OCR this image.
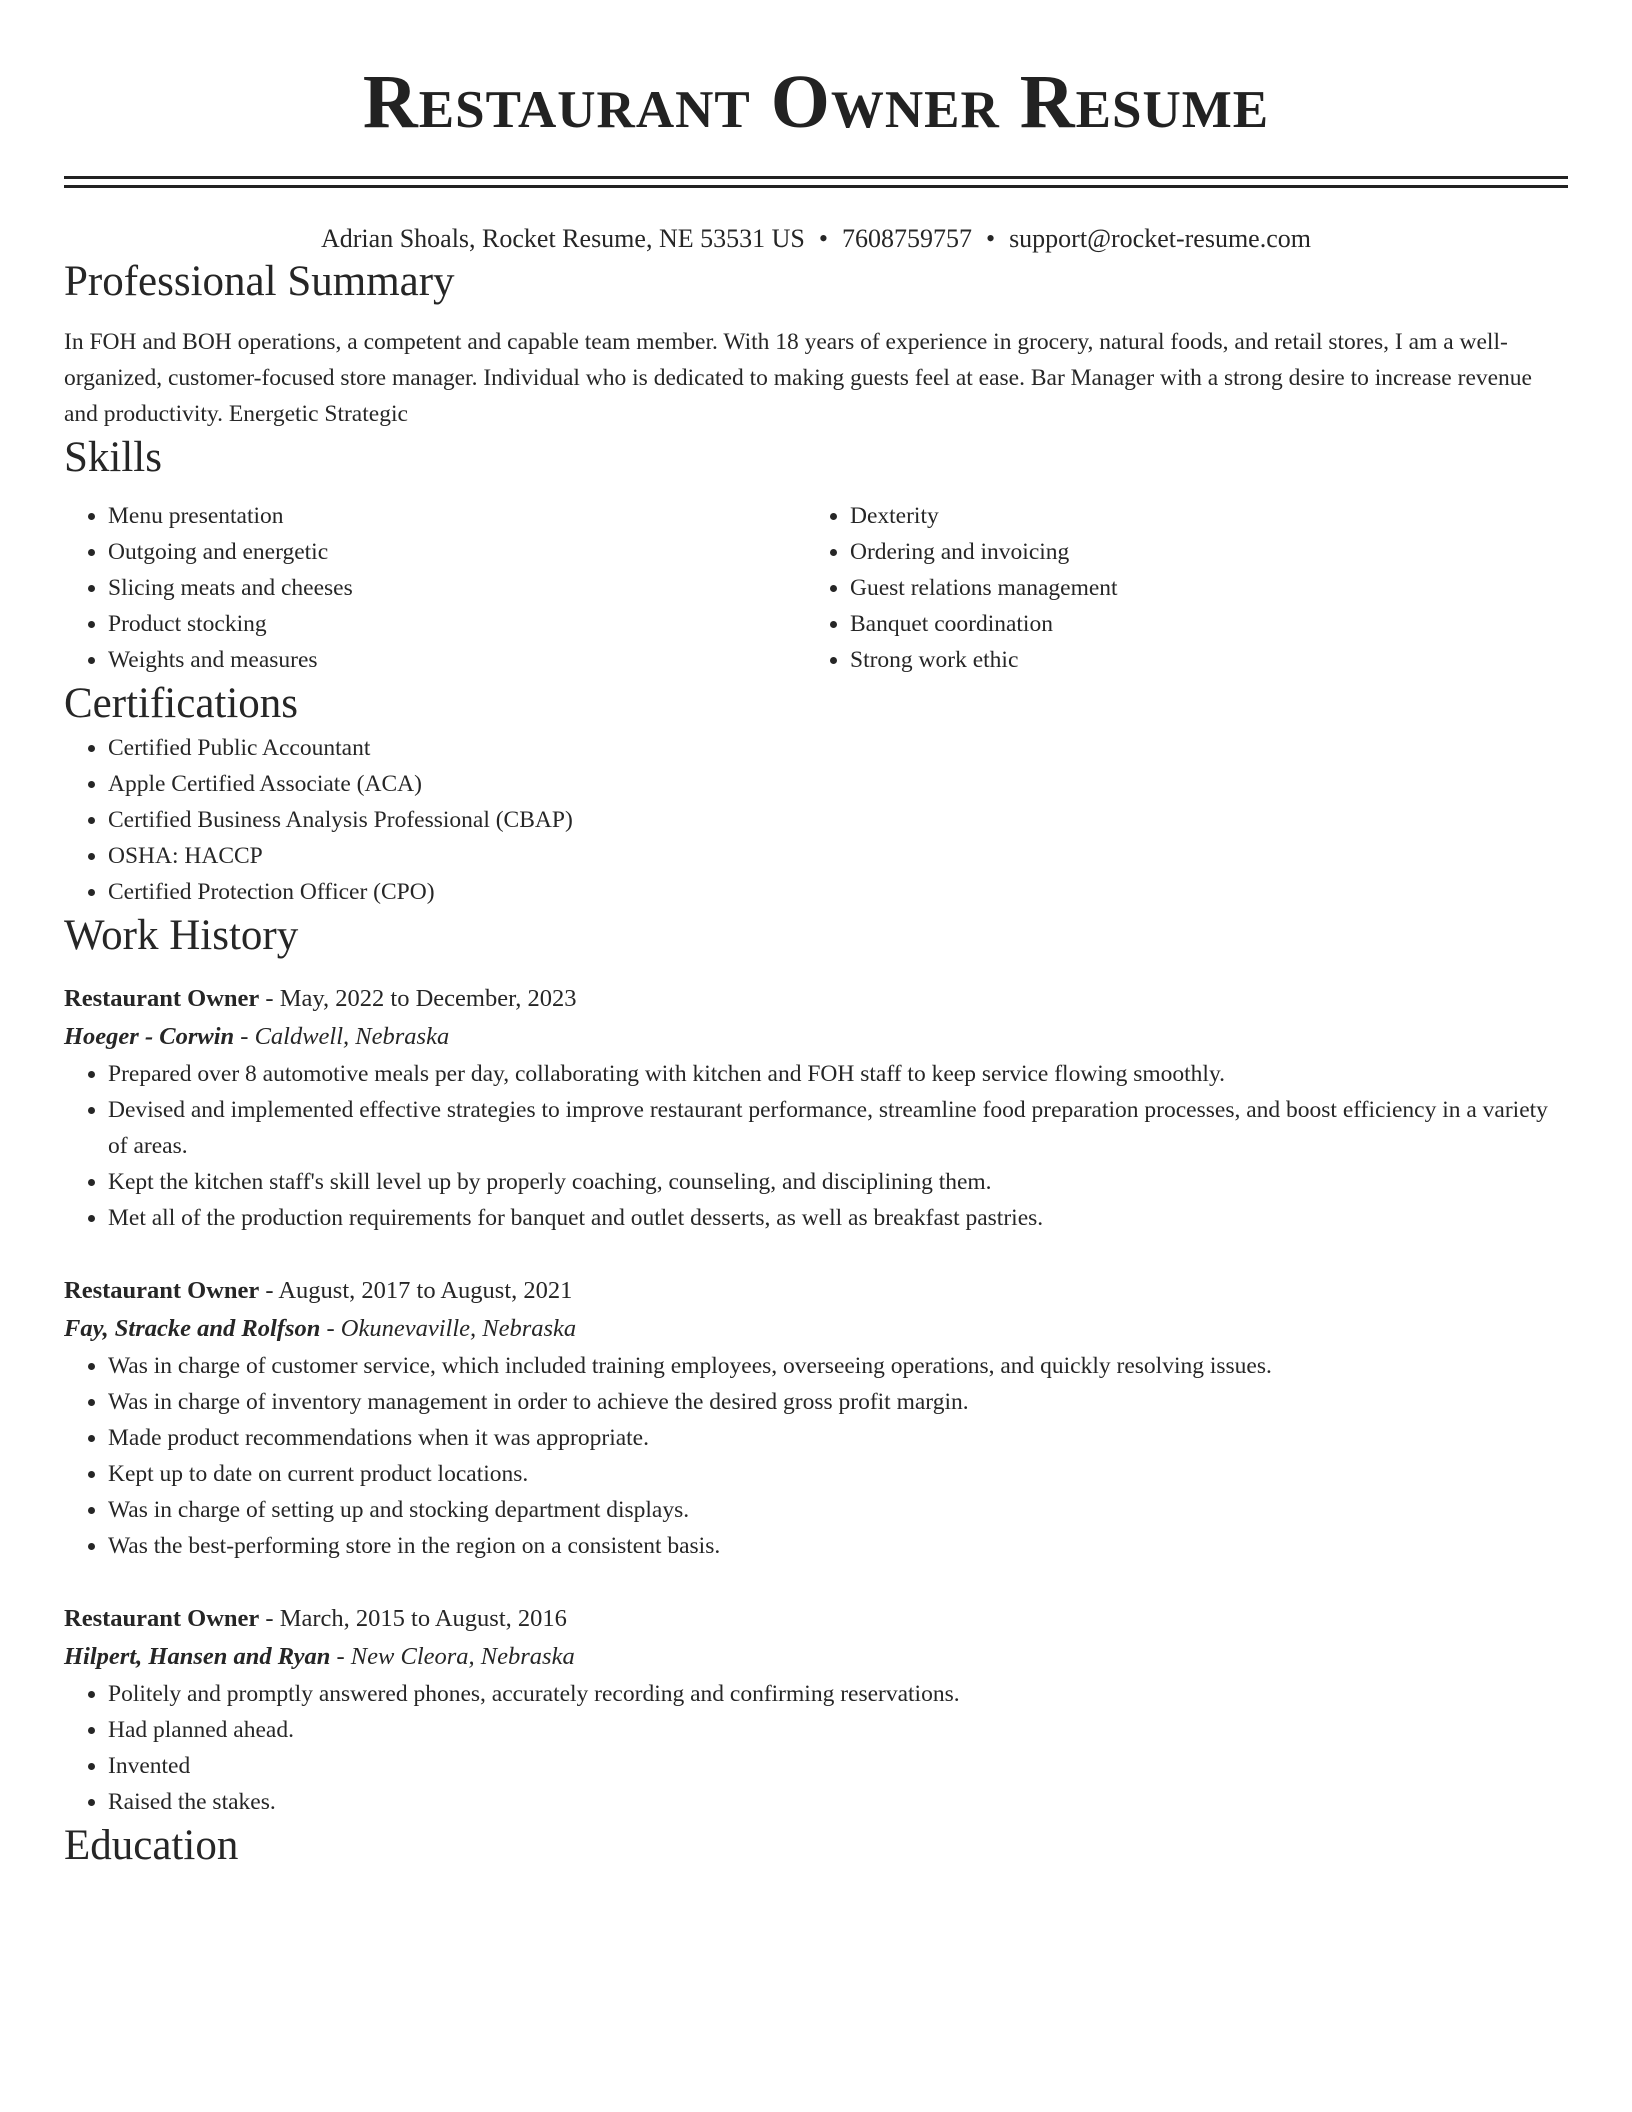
Restaurant Owner Resume
Adrian Shoals, Rocket Resume, NE 53531 US • 7608759757 • support@rocket-resume.com
Professional Summary

In FOH and BOH operations, a competent and capable team member. With 18 years of experience in grocery, natural foods, and retail stores, I am a well-organized, customer-focused store manager. Individual who is dedicated to making guests feel at ease. Bar Manager with a strong desire to increase revenue and productivity. Energetic Strategic

Skills
• Menu presentation
• Outgoing and energetic
• Slicing meats and cheeses
• Product stocking
• Weights and measures
• Dexterity
• Ordering and invoicing
• Guest relations management
• Banquet coordination
• Strong work ethic
Certifications
• Certified Public Accountant
• Apple Certified Associate (ACA)
• Certified Business Analysis Professional (CBAP)
• OSHA: HACCP
• Certified Protection Officer (CPO)
Work History
Restaurant Owner - May, 2022 to December, 2023
Hoeger - Corwin - Caldwell, Nebraska
• Prepared over 8 automotive meals per day, collaborating with kitchen and FOH staff to keep service flowing smoothly.
• Devised and implemented effective strategies to improve restaurant performance, streamline food preparation processes, and boost efficiency in a variety of areas.
• Kept the kitchen staff's skill level up by properly coaching, counseling, and disciplining them.
• Met all of the production requirements for banquet and outlet desserts, as well as breakfast pastries.
Restaurant Owner - August, 2017 to August, 2021
Fay, Stracke and Rolfson - Okunevaville, Nebraska
• Was in charge of customer service, which included training employees, overseeing operations, and quickly resolving issues.
• Was in charge of inventory management in order to achieve the desired gross profit margin.
• Made product recommendations when it was appropriate.
• Kept up to date on current product locations.
• Was in charge of setting up and stocking department displays.
• Was the best-performing store in the region on a consistent basis.
Restaurant Owner - March, 2015 to August, 2016
Hilpert, Hansen and Ryan - New Cleora, Nebraska
• Politely and promptly answered phones, accurately recording and confirming reservations.
• Had planned ahead.
• Invented
• Raised the stakes.
Education
